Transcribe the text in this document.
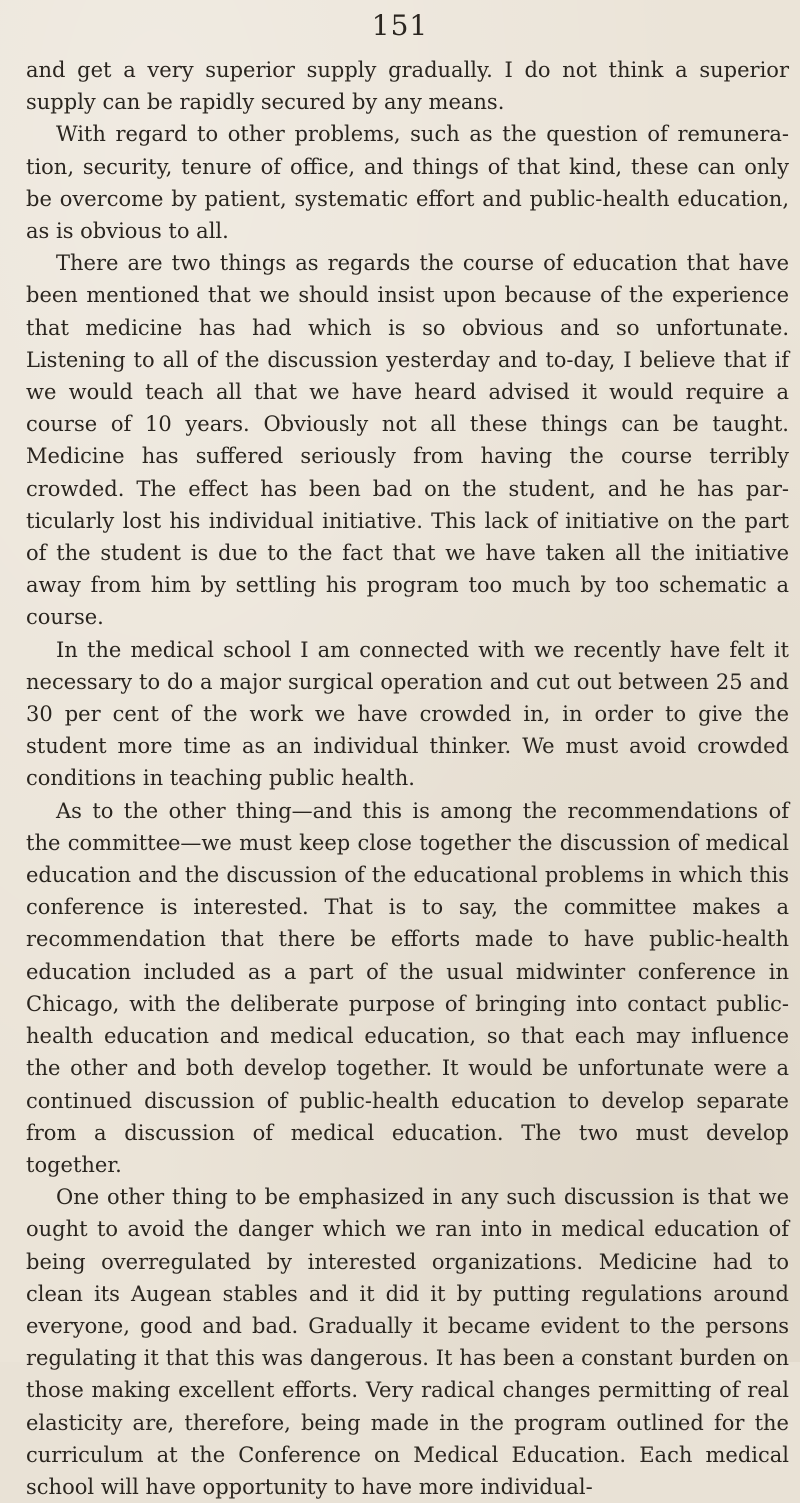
151

and get a very superior supply gradually. I do not think a superior supply can be rapidly secured by any means.

With regard to other problems, such as the question of remuneration, security, tenure of office, and things of that kind, these can only be overcome by patient, systematic effort and public-health education, as is obvious to all.

There are two things as regards the course of education that have been mentioned that we should insist upon because of the experience that medicine has had which is so obvious and so unfortunate. Listening to all of the discussion yesterday and to-day, I believe that if we would teach all that we have heard advised it would require a course of 10 years. Obviously not all these things can be taught. Medicine has suffered seriously from having the course terribly crowded. The effect has been bad on the student, and he has particularly lost his individual initiative. This lack of initiative on the part of the student is due to the fact that we have taken all the initiative away from him by settling his program too much by too schematic a course.

In the medical school I am connected with we recently have felt it necessary to do a major surgical operation and cut out between 25 and 30 per cent of the work we have crowded in, in order to give the student more time as an individual thinker. We must avoid crowded conditions in teaching public health.

As to the other thing—and this is among the recommendations of the committee—we must keep close together the discussion of medical education and the discussion of the educational problems in which this conference is interested. That is to say, the committee makes a recommendation that there be efforts made to have public-health education included as a part of the usual midwinter conference in Chicago, with the deliberate purpose of bringing into contact public-health education and medical education, so that each may influence the other and both develop together. It would be unfortunate were a continued discussion of public-health education to develop separate from a discussion of medical education. The two must develop together.

One other thing to be emphasized in any such discussion is that we ought to avoid the danger which we ran into in medical education of being overregulated by interested organizations. Medicine had to clean its Augean stables and it did it by putting regulations around everyone, good and bad. Gradually it became evident to the persons regulating it that this was dangerous. It has been a constant burden on those making excellent efforts. Very radical changes permitting of real elasticity are, therefore, being made in the program outlined for the curriculum at the Conference on Medical Education. Each medical school will have opportunity to have more individual-
